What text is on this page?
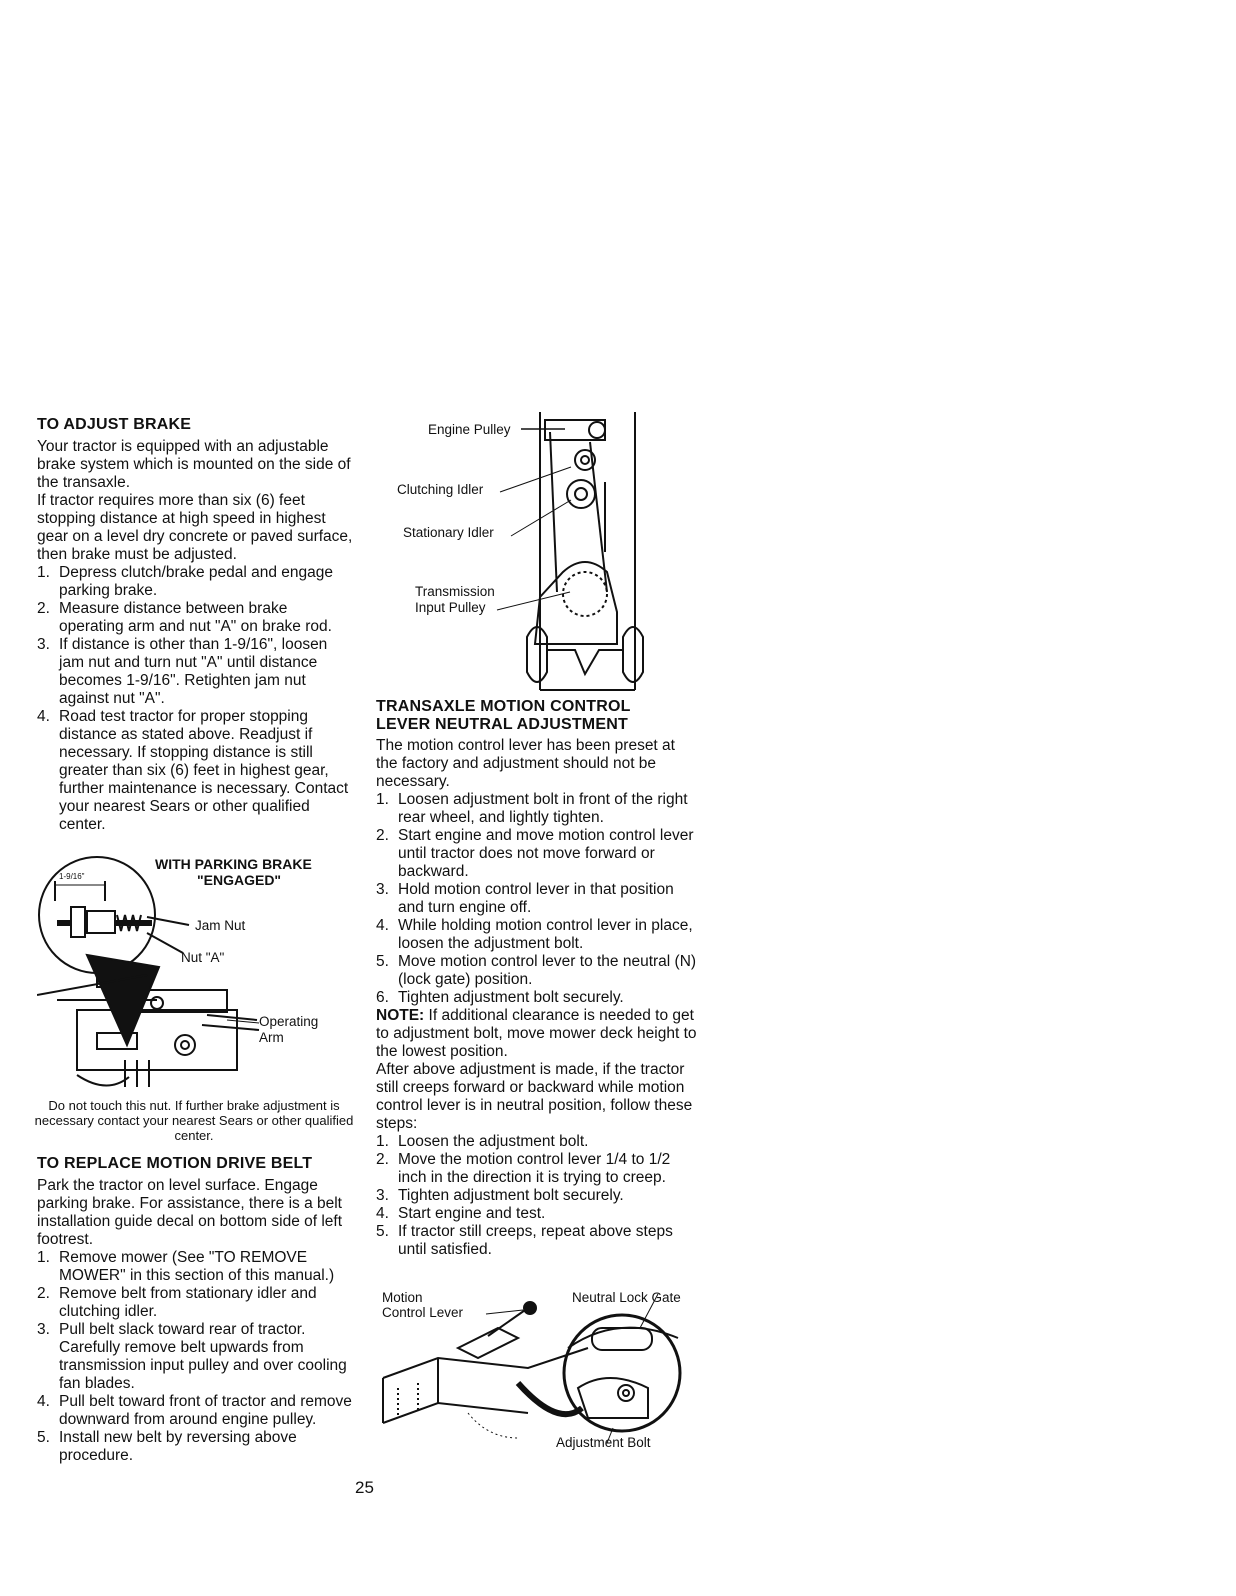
TO ADJUST BRAKE

Your tractor is equipped with an adjustable brake system which is mounted on the side of the transaxle.

If tractor requires more than six (6) feet stopping distance at high speed in highest gear on a level dry concrete or paved surface, then brake must be adjusted.

1. Depress clutch/brake pedal and engage parking brake.
2. Measure distance between brake operating arm and nut "A" on brake rod.
3. If distance is other than 1-9/16", loosen jam nut and turn nut "A" until distance becomes 1-9/16". Retighten jam nut against nut "A".
4. Road test tractor for proper stopping distance as stated above. Readjust if necessary. If stopping distance is still greater than six (6) feet in highest gear, further maintenance is necessary. Contact your nearest Sears or other qualified center.
1-9/16"
WITH PARKING BRAKE
"ENGAGED"
Jam Nut
Nut "A"
Operating
Arm
Do not touch this nut. If further brake adjustment is necessary contact your nearest Sears or other qualified center.
TO REPLACE MOTION DRIVE BELT

Park the tractor on level surface. Engage parking brake. For assistance, there is a belt installation guide decal on bottom side of left footrest.

1. Remove mower (See "TO REMOVE MOWER" in this section of this manual.)
2. Remove belt from stationary idler and clutching idler.
3. Pull belt slack toward rear of tractor. Carefully remove belt upwards from transmission input pulley and over cooling fan blades.
4. Pull belt toward front of tractor and remove downward from around engine pulley.
5. Install new belt by reversing above procedure.
Engine Pulley
Clutching Idler
Stationary Idler
Transmission
Input Pulley
TRANSAXLE MOTION CONTROL
LEVER NEUTRAL ADJUSTMENT

The motion control lever has been preset at the factory and adjustment should not be necessary.

1. Loosen adjustment bolt in front of the right rear wheel, and lightly tighten.
2. Start engine and move motion control lever until tractor does not move forward or backward.
3. Hold motion control lever in that position and turn engine off.
4. While holding motion control lever in place, loosen the adjustment bolt.
5. Move motion control lever to the neutral (N) (lock gate) position.
6. Tighten adjustment bolt securely.

NOTE: If additional clearance is needed to get to adjustment bolt, move mower deck height to the lowest position.

After above adjustment is made, if the tractor still creeps forward or backward while motion control lever is in neutral position, follow these steps:

1. Loosen the adjustment bolt.
2. Move the motion control lever 1/4 to 1/2 inch in the direction it is trying to creep.
3. Tighten adjustment bolt securely.
4. Start engine and test.
5. If tractor still creeps, repeat above steps until satisfied.
Motion
Control Lever
Neutral Lock Gate
Adjustment Bolt
25
